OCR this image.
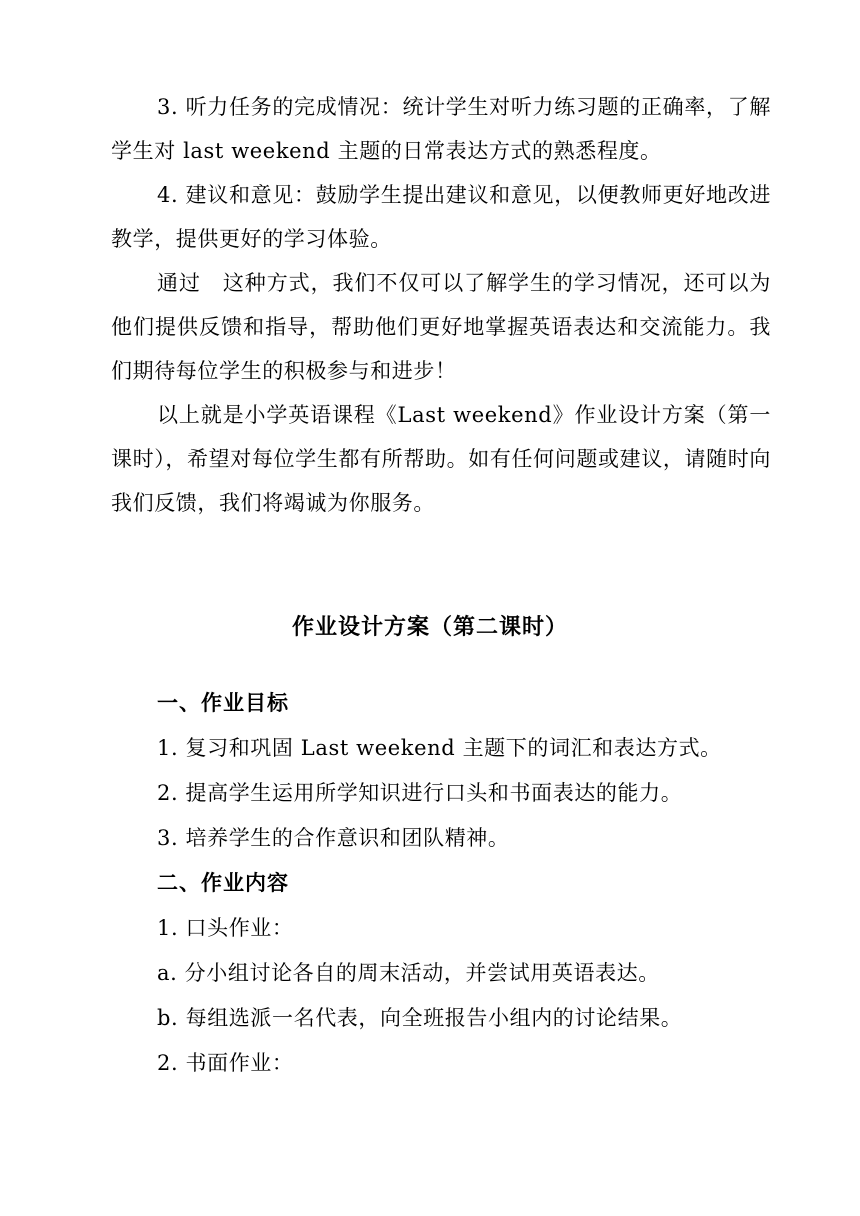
3. 听力任务的完成情况：统计学生对听力练习题的正确率，了解学生对 last weekend 主题的日常表达方式的熟悉程度。

4. 建议和意见：鼓励学生提出建议和意见，以便教师更好地改进教学，提供更好的学习体验。

通过　这种方式，我们不仅可以了解学生的学习情况，还可以为他们提供反馈和指导，帮助他们更好地掌握英语表达和交流能力。我们期待每位学生的积极参与和进步！

以上就是小学英语课程《Last weekend》作业设计方案（第一课时），希望对每位学生都有所帮助。如有任何问题或建议，请随时向我们反馈，我们将竭诚为你服务。

作业设计方案（第二课时）

一、作业目标

1. 复习和巩固 Last weekend 主题下的词汇和表达方式。

2. 提高学生运用所学知识进行口头和书面表达的能力。

3. 培养学生的合作意识和团队精神。

二、作业内容

1. 口头作业：

a. 分小组讨论各自的周末活动，并尝试用英语表达。

b. 每组选派一名代表，向全班报告小组内的讨论结果。

2. 书面作业：
